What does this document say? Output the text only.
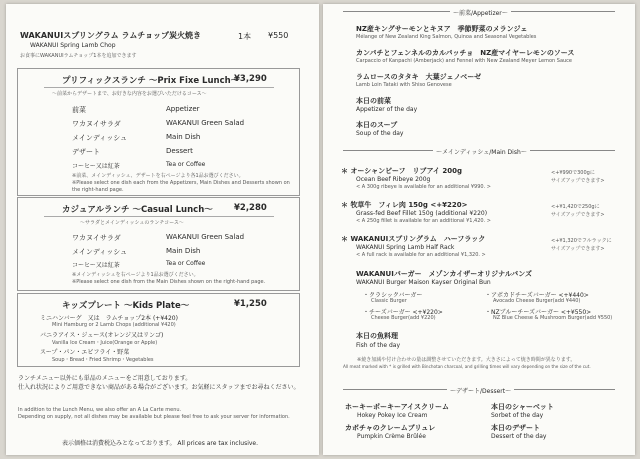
WAKANUIスプリングラム ラムチョップ炭火焼き	1本 ¥550
WAKANUI Spring Lamb Chop
お食事にWAKANUIラムチョップ1本を追加できます
プリフィックスランチ ～Prix Fixe Lunch～
¥3,290
～前菜からデザートまで、お好きな内容をお選びいただけるコース～
前菜	Appetizer
ワカヌイサラダ	WAKANUI Green Salad
メインディッシュ	Main Dish
デザート	Dessert
コーヒー又は紅茶	Tea or Coffee
※前菜、メインディッシュ、デザートを右ページより各1品お選びください。
※Please select one dish each from the Appetizers, Main Dishes and Desserts shown on
the right-hand page.
カジュアルランチ ～Casual Lunch～ ¥2,280
～サラダとメインディッシュのランチコース～
ワカヌイサラダ	WAKANUI Green Salad
メインディッシュ	Main Dish
コーヒー又は紅茶	Tea or Coffee
※メインディッシュを右ページより1品お選びください。
※Please select one dish from the Main Dishes shown on the right-hand page.
キッズプレート ～Kids Plate～	¥1,250
ミニハンバーグ　又は　ラムチョップ2本 (+¥420)
Mini Hamburg or 2 Lamb Chops (additional ¥420)
バニラアイス・ジュース(オレンジ又はリンゴ)
Vanilla Ice Cream・Juice(Orange or Apple)
スープ・パン・エビフライ・野菜
Soup・Bread・Fried Shrimp・Vegetables
ランチメニュー以外にも単品のメニューをご用意しております。
仕入れ状況によりご用意できない商品がある場合がございます。お気軽にスタッフまでお尋ねください。
In addition to the Lunch Menu, we also offer an A La Carte menu.
Depending on supply, not all dishes may be available but please feel free to ask your server for information.
表示価格は消費税込みとなっております。 All prices are tax inclusive.
～前菜/Appetizer～
NZ産キングサーモンとキヌア　季節野菜のメランジェ
Mélange of New Zealand King Salmon, Quinoa and Seasonal Vegetables
カンパチとフェンネルのカルパッチョ　NZ産マイヤーレモンのソース
Carpaccio of Kanpachi (Amberjack) and Fennel with New Zealand Meyer Lemon Sauce
ラムロースのタタキ　大葉ジェノベーゼ
Lamb Loin Tataki with Shiso Genovese
本日の前菜
Appetizer of the day
本日のスープ
Soup of the day
～メインディッシュ/Main Dish～
＊ オーシャンビーフ　リブアイ 200g
Ocean Beef Ribeye 200g
< A 300g ribeye is available for an additional ¥990. >
<+¥990で300gに
サイズアップできます>
＊ 牧草牛　フィレ肉 150g <+¥220>
Grass-fed Beef Fillet 150g (additional ¥220)
< A 250g fillet is available for an additional ¥1,420. >
<+¥1,420で250gに
サイズアップできます>
＊ WAKANUIスプリングラム　ハーフラック
WAKANUI Spring Lamb Half Rack
< A full rack is available for an additional ¥1,320. >
<+¥1,320でフルラックに
サイズアップできます>
WAKANUIバーガー　メゾンカイザーオリジナルバンズ
WAKANUI Burger Maison Kayser Original Bun
・クラシックバーガー
Classic Burger
・アボカドチーズバーガー <+¥440>
Avocado Cheese Burger(add ¥440)
・チーズバーガー <+¥220>
Cheese Burger(add ¥220)
・NZブルーチーズバーガー <+¥550>
NZ Blue Cheese & Mushroom Burger(add ¥550)
本日の魚料理
Fish of the day
※焼き加減や付け合わせの量は調整させていただきます。大きさによって焼き時間が異なります。
All meat marked with * is grilled with Binchotan charcoal, and grilling times will vary depending on the size of the cut.
～デザート/Dessert～
ホーキーポーキーアイスクリーム
Hokey Pokey Ice Cream
本日のシャーベット
Sorbet of the day
カボチャのクレームブリュレ
Pumpkin Crème Brûlée
本日のデザート
Dessert of the day
